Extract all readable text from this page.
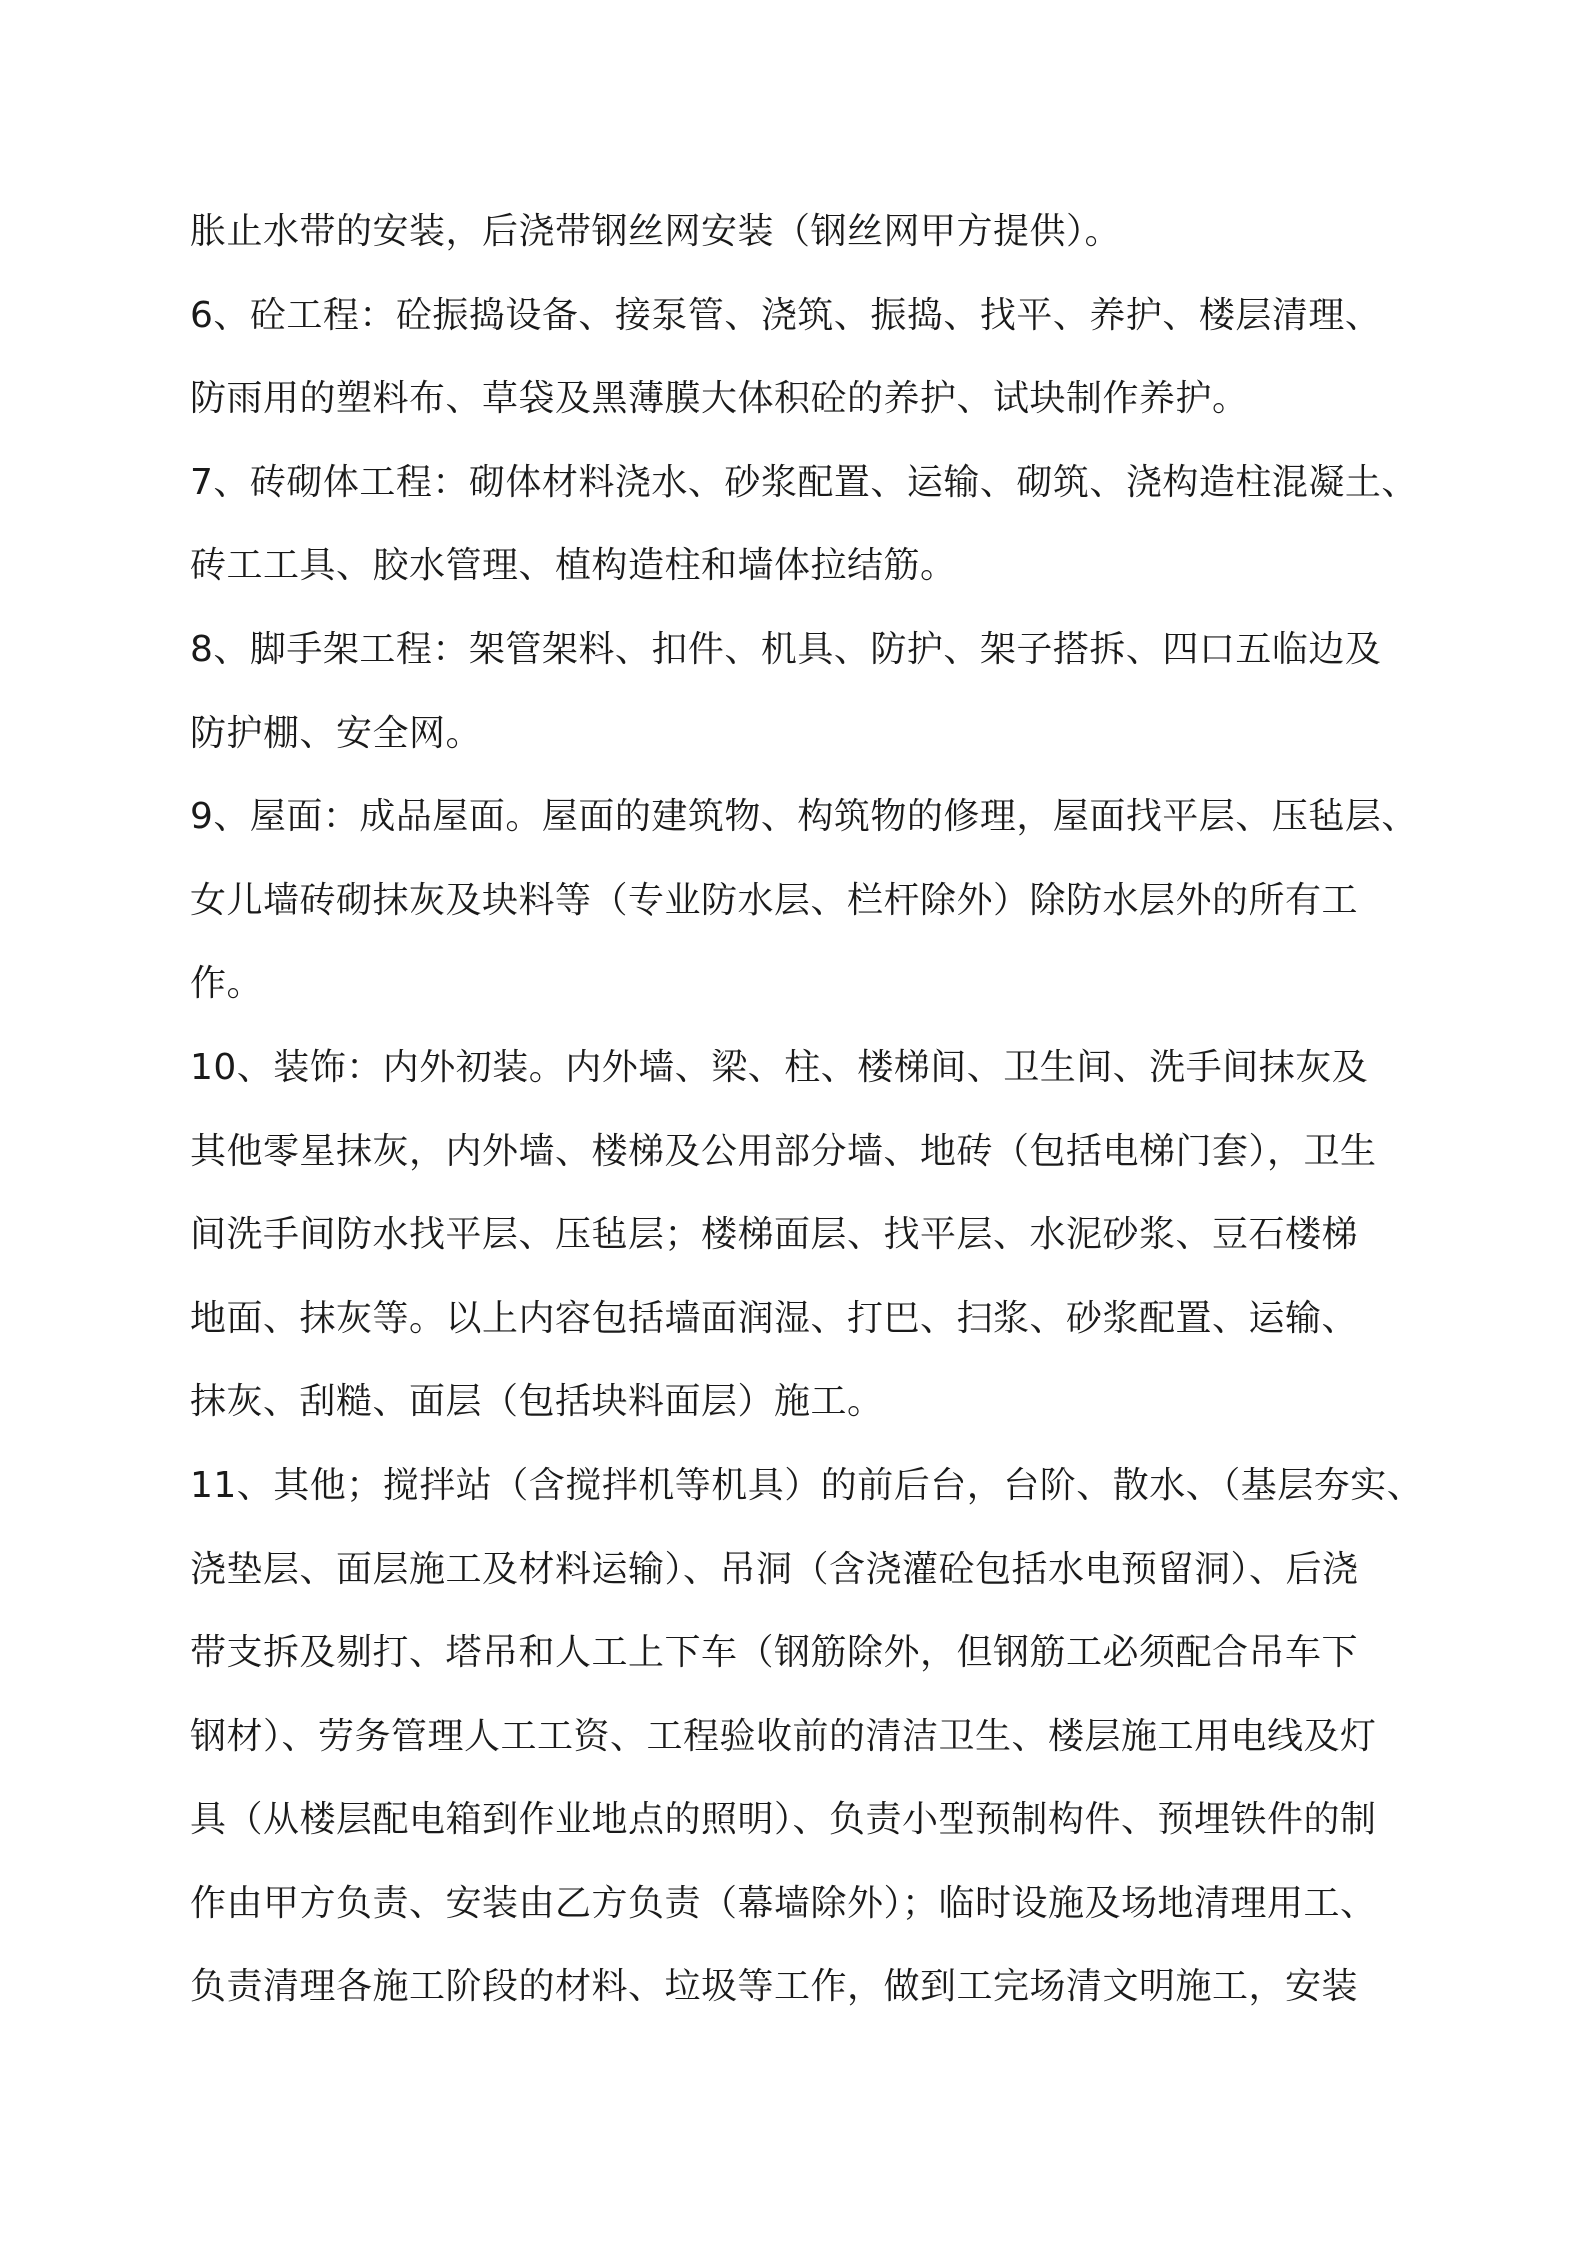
胀止水带的安装，后浇带钢丝网安装（钢丝网甲方提供）。
6、砼工程：砼振捣设备、接泵管、浇筑、振捣、找平、养护、楼层清理、
防雨用的塑料布、草袋及黑薄膜大体积砼的养护、试块制作养护。
7、砖砌体工程：砌体材料浇水、砂浆配置、运输、砌筑、浇构造柱混凝土、
砖工工具、胶水管理、植构造柱和墙体拉结筋。
8、脚手架工程：架管架料、扣件、机具、防护、架子搭拆、四口五临边及
防护棚、安全网。
9、屋面：成品屋面。屋面的建筑物、构筑物的修理，屋面找平层、压毡层、
女儿墙砖砌抹灰及块料等（专业防水层、栏杆除外）除防水层外的所有工
作。
10、装饰：内外初装。内外墙、梁、柱、楼梯间、卫生间、洗手间抹灰及
其他零星抹灰，内外墙、楼梯及公用部分墙、地砖（包括电梯门套），卫生
间洗手间防水找平层、压毡层；楼梯面层、找平层、水泥砂浆、豆石楼梯
地面、抹灰等。以上内容包括墙面润湿、打巴、扫浆、砂浆配置、运输、
抹灰、刮糙、面层（包括块料面层）施工。
11、其他；搅拌站（含搅拌机等机具）的前后台，台阶、散水、（基层夯实、
浇垫层、面层施工及材料运输）、吊洞（含浇灌砼包括水电预留洞）、后浇
带支拆及剔打、塔吊和人工上下车（钢筋除外，但钢筋工必须配合吊车下
钢材）、劳务管理人工工资、工程验收前的清洁卫生、楼层施工用电线及灯
具（从楼层配电箱到作业地点的照明）、负责小型预制构件、预埋铁件的制
作由甲方负责、安装由乙方负责（幕墙除外）；临时设施及场地清理用工、
负责清理各施工阶段的材料、垃圾等工作，做到工完场清文明施工，安装
